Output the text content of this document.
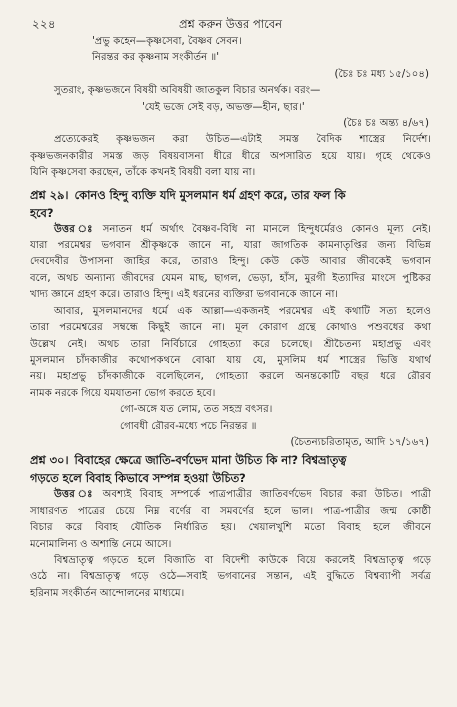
২২৪	প্রশ্ন করুন উত্তর পাবেন

'প্রভু কহেন—কৃষ্ণসেবা, বৈষ্ণব সেবন।

নিরন্তর কর কৃষ্ণনাম সংকীর্তন ॥'

(চৈঃ চঃ মধ্য ১৫/১০৪)

সুতরাং, কৃষ্ণভজনে বিষয়ী অবিষয়ী জাতকুল বিচার অনর্থক। বরং—

'যেই ভজে সেই বড়, অভক্ত—হীন, ছার।'

(চৈঃ চঃ অন্ত্য ৪/৬৭)

প্রত্যেকেরই কৃষ্ণভজন করা উচিত—এটাই সমস্ত বৈদিক শাস্ত্রের নির্দেশ।

কৃষ্ণভজনকারীর সমস্ত জড় বিষয়বাসনা ধীরে ধীরে অপসারিত হয়ে যায়। গৃহে থেকেও

যিনি কৃষ্ণসেবা করছেন, তাঁকে কখনই বিষয়ী বলা যায় না।

প্রশ্ন ২৯। কোনও হিন্দু ব্যক্তি যদি মুসলমান ধর্ম গ্রহণ করে, তার ফল কি

হবে?

উত্তর ঃ সনাতন ধর্ম অর্থাৎ বৈষ্ণব-বিধি না মানলে হিন্দুধর্মেরও কোনও মূল্য নেই।

যারা পরমেশ্বর ভগবান শ্রীকৃষ্ণকে জানে না, যারা জাগতিক কামনাতৃপ্তির জন্য বিভিন্ন

দেবদেবীর উপাসনা জাহির করে, তারাও হিন্দু। কেউ কেউ আবার জীবকেই ভগবান

বলে, অথচ অন্যান্য জীবদের যেমন মাছ, ছাগল, ভেড়া, হাঁস, মুরগী ইত্যাদির মাংসে পুষ্টিকর

খাদ্য জ্ঞানে গ্রহণ করে। তারাও হিন্দু। এই ধরনের ব্যক্তিরা ভগবানকে জানে না।

আবার, মুসলমানদের ধর্মে এক আল্লা—একজনই পরমেশ্বর এই কথাটি সত্য হলেও

তারা পরমেশ্বরের সম্বন্ধে কিছুই জানে না। মূল কোরাণ গ্রন্থে কোথাও পশুবধের কথা

উল্লেখ নেই। অথচ তারা নির্বিচারে গোহত্যা করে চলেছে। শ্রীচৈতন্য মহাপ্রভু এবং

মুসলমান চাঁদকাজীর কথোপকথনে বোঝা যায় যে, মুসলিম ধর্ম শাস্ত্রের ভিত্তি যথার্থ

নয়। মহাপ্রভু চাঁদকাজীকে বলেছিলেন, গোহত্যা করলে অনন্তকোটি বছর ধরে রৌরব

নামক নরকে গিয়ে যমযাতনা ভোগ করতে হবে।

গো-অঙ্গে যত লোম, তত সহস্র বৎসর।

গোবধী রৌরব-মধ্যে পচে নিরন্তর ॥

(চৈতন্যচরিতামৃত, আদি ১৭/১৬৭)

প্রশ্ন ৩০। বিবাহের ক্ষেত্রে জাতি-বর্ণভেদ মানা উচিত কি না? বিশ্বভ্রাতৃত্ব

গড়তে হলে বিবাহ কিভাবে সম্পন্ন হওয়া উচিত?

উত্তর ঃ অবশ্যই বিবাহ সম্পর্কে পাত্রপাত্রীর জাতিবর্ণভেদ বিচার করা উচিত। পাত্রী

সাধারণত পাত্রের চেয়ে নিম্ন বর্ণের বা সমবর্ণের হলে ভাল। পাত্র-পাত্রীর জন্ম কোষ্ঠী

বিচার করে বিবাহ যৌতিক নির্ধারিত হয়। খেয়ালখুশি মতো বিবাহ হলে জীবনে

মনোমালিন্য ও অশান্তি নেমে আসে।

বিশ্বভ্রাতৃত্ব গড়তে হলে বিজাতি বা বিদেশী কাউকে বিয়ে করলেই বিশ্বভ্রাতৃত্ব গড়ে

ওঠে না। বিশ্বভ্রাতৃত্ব গড়ে ওঠে—সবাই ভগবানের সন্তান, এই বুদ্ধিতে বিশ্বব্যাপী সর্বত্র

হরিনাম সংকীর্তন আন্দোলনের মাধ্যমে।
